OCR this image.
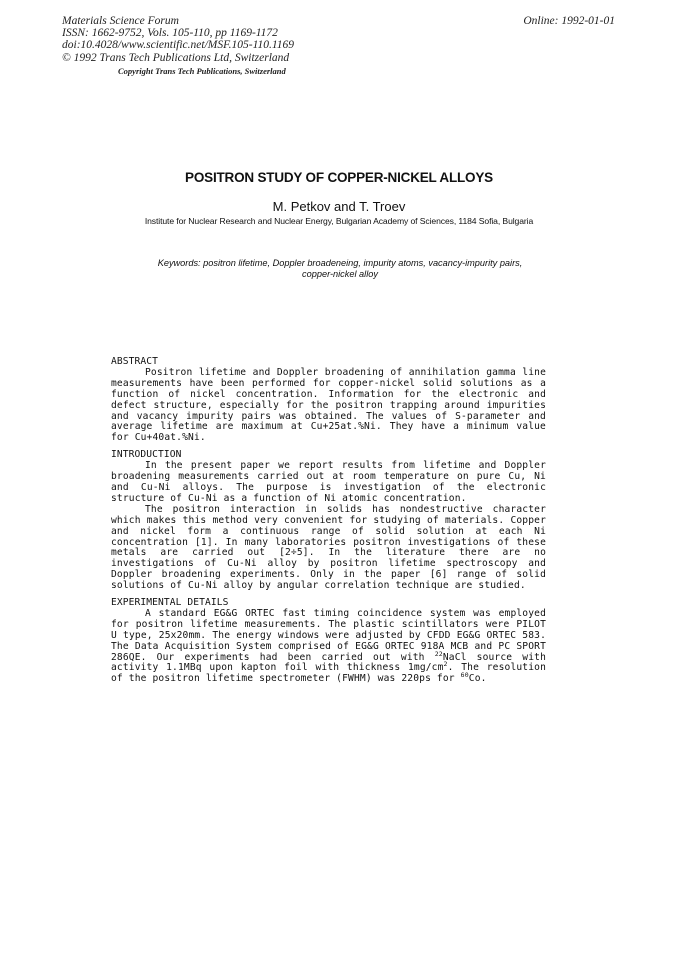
Materials Science Forum
ISSN: 1662-9752, Vols. 105-110, pp 1169-1172
doi:10.4028/www.scientific.net/MSF.105-110.1169
© 1992 Trans Tech Publications Ltd, Switzerland
Online: 1992-01-01
Copyright Trans Tech Publications, Switzerland
POSITRON STUDY OF COPPER-NICKEL ALLOYS
M. Petkov and T. Troev
Institute for Nuclear Research and Nuclear Energy, Bulgarian Academy of Sciences, 1184 Sofia, Bulgaria
Keywords: positron lifetime, Doppler broadeneing, impurity atoms, vacancy-impurity pairs,
copper-nickel alloy
ABSTRACT

Positron lifetime and Doppler broadening of annihilation gamma line measurements have been performed for copper-nickel solid solutions as a function of nickel concentration. Information for the electronic and defect structure, especially for the positron trapping around impurities and vacancy impurity pairs was obtained. The values of S-parameter and average lifetime are maximum at Cu+25at.%Ni. They have a minimum value for Cu+40at.%Ni.

INTRODUCTION

In the present paper we report results from lifetime and Doppler broadening measurements carried out at room temperature on pure Cu, Ni and Cu-Ni alloys. The purpose is investigation of the electronic structure of Cu-Ni as a function of Ni atomic concentration.

The positron interaction in solids has nondestructive character which makes this method very convenient for studying of materials. Copper and nickel form a continuous range of solid solution at each Ni concentration [1]. In many laboratories positron investigations of these metals are carried out [2÷5]. In the literature there are no investigations of Cu-Ni alloy by positron lifetime spectroscopy and Doppler broadening experiments. Only in the paper [6] range of solid solutions of Cu-Ni alloy by angular correlation technique are studied.

EXPERIMENTAL DETAILS

A standard EG&G ORTEC fast timing coincidence system was employed for positron lifetime measurements. The plastic scintillators were PILOT U type, 25x20mm. The energy windows were adjusted by CFDD EG&G ORTEC 583. The Data Acquisition System comprised of EG&G ORTEC 918A MCB and PC SPORT 286QE. Our experiments had been carried out with $^{22}$NaCl source with activity 1.1MBq upon kapton foil with thickness $1mg/cm^2$. The resolution of the positron lifetime spectrometer (FWHM) was 220ps for $^{60}$Co.
